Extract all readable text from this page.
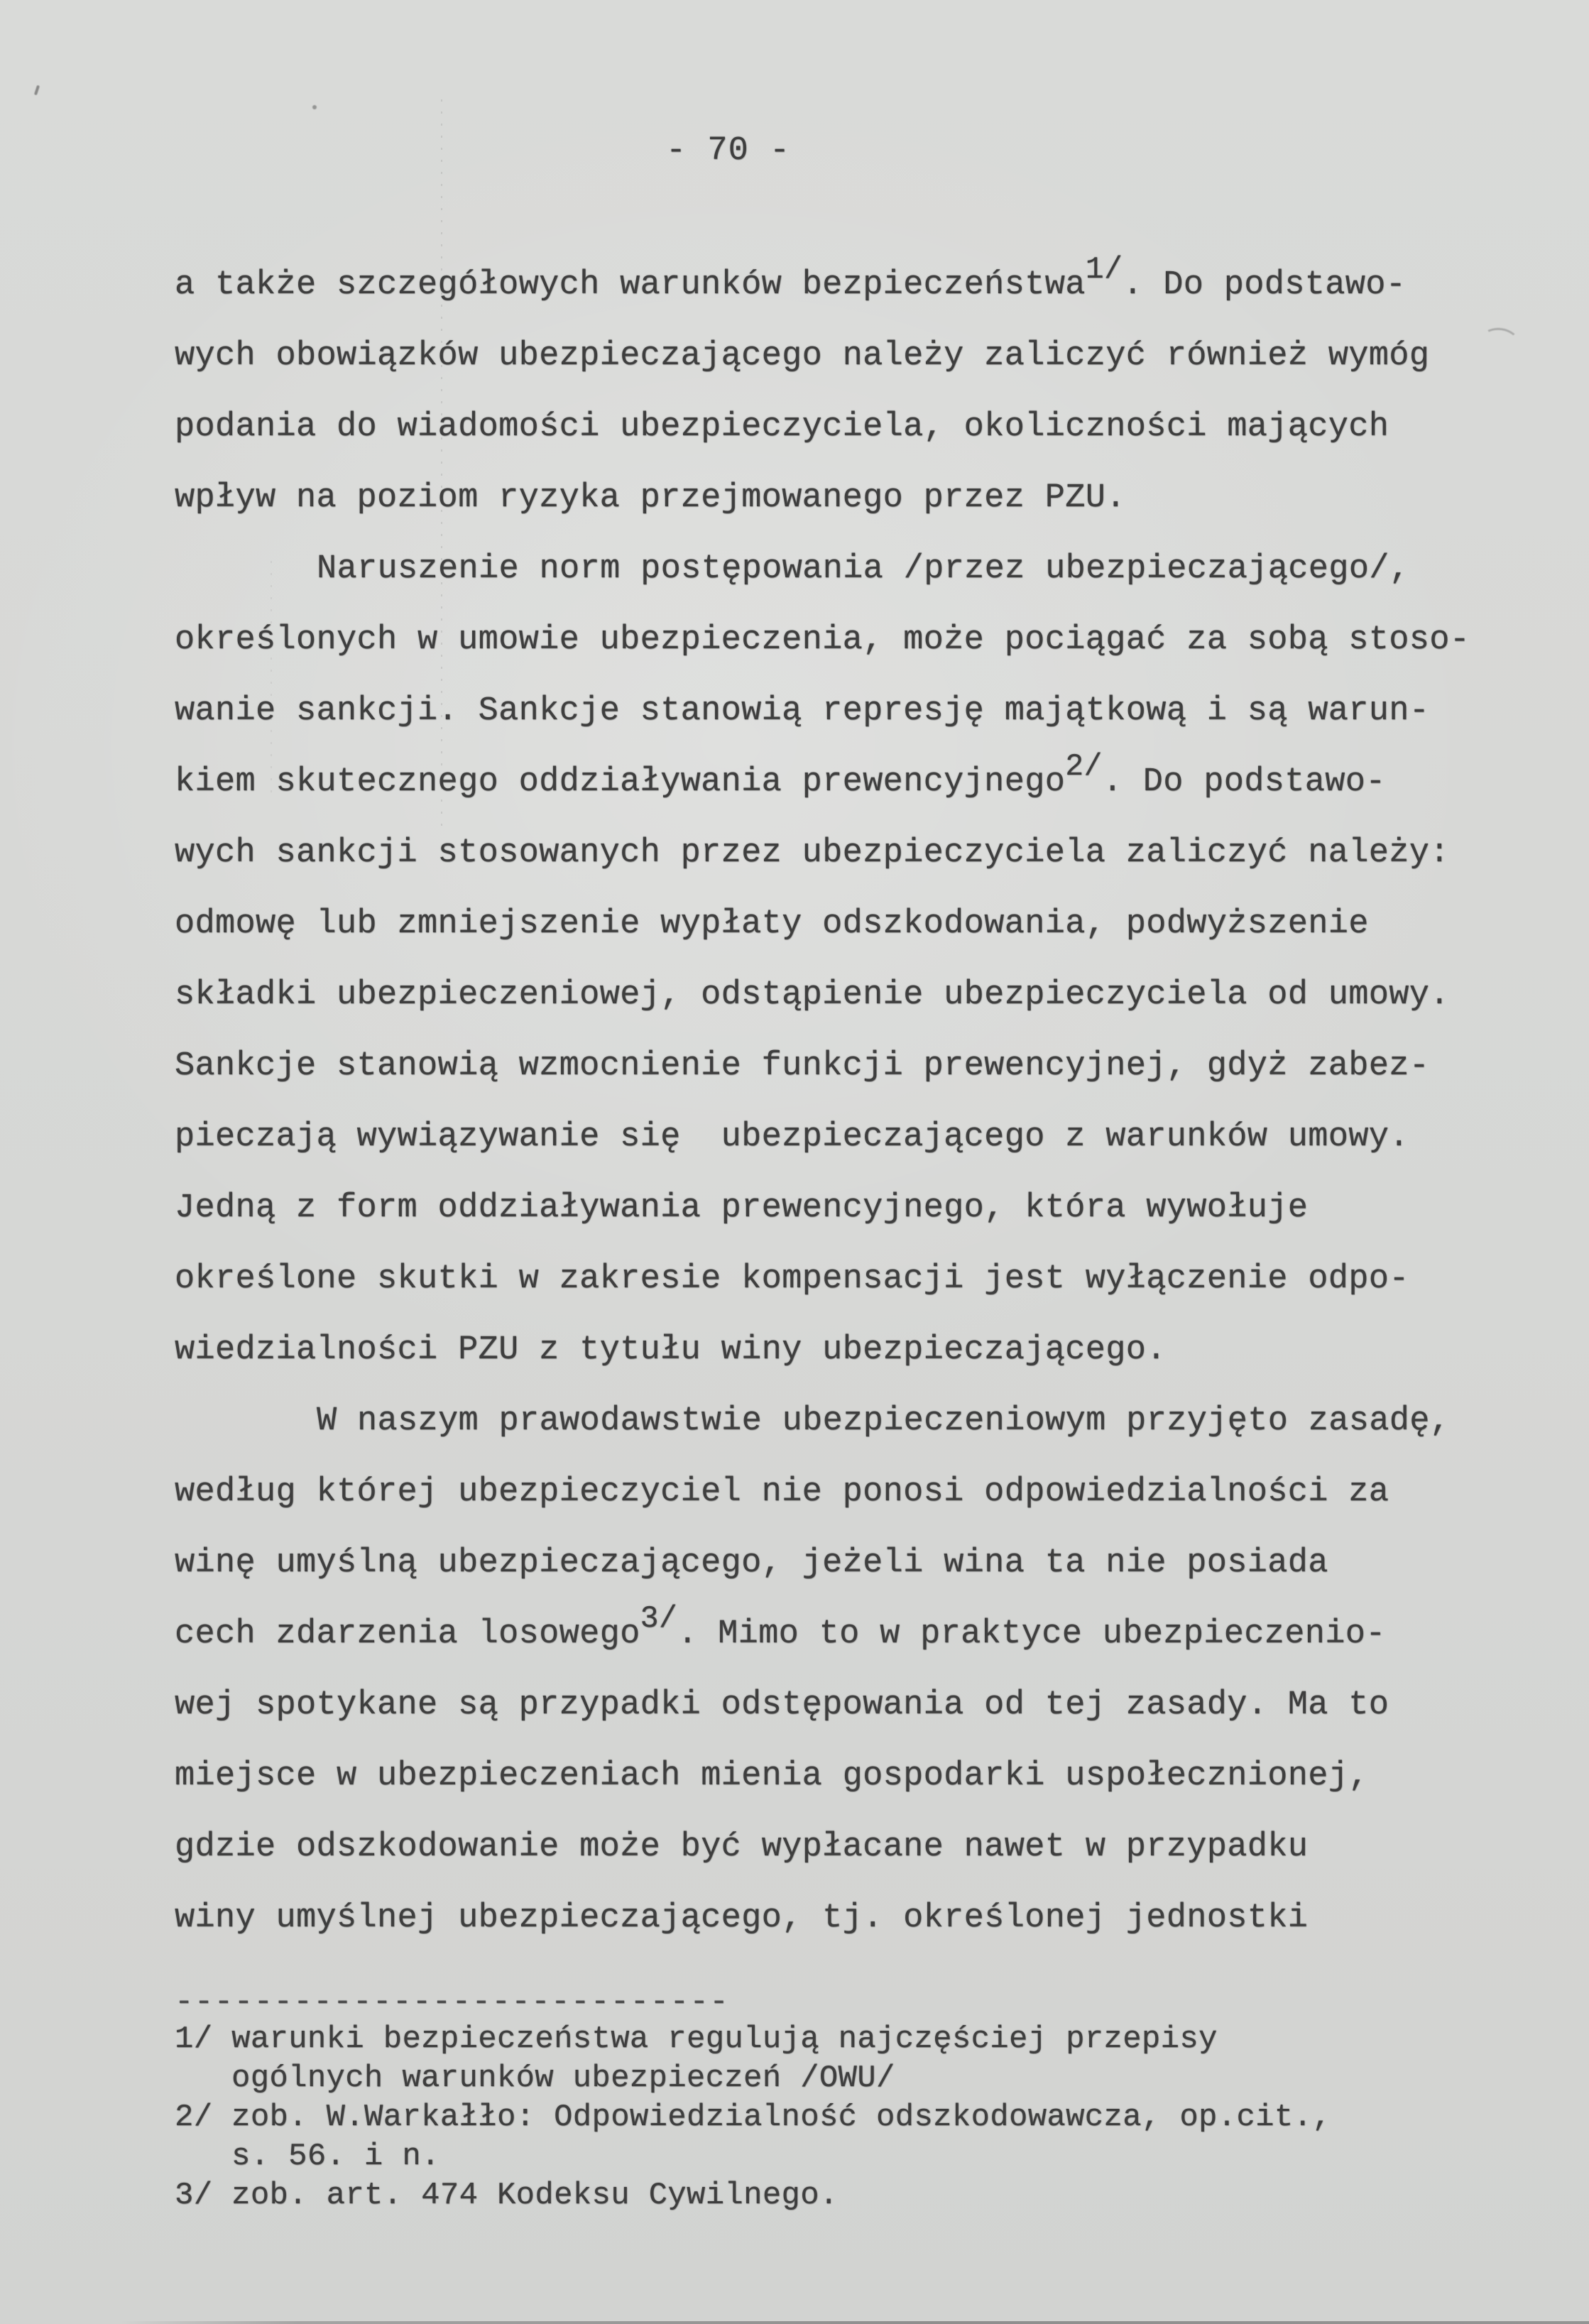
- 70 -
a także szczegółowych warunków bezpieczeństwa1/. Do podstawo-
wych obowiązków ubezpieczającego należy zaliczyć również wymóg
podania do wiadomości ubezpieczyciela, okoliczności mających
wpływ na poziom ryzyka przejmowanego przez PZU.
Naruszenie norm postępowania /przez ubezpieczającego/,
określonych w umowie ubezpieczenia, może pociągać za sobą stoso-
wanie sankcji. Sankcje stanowią represję majątkową i są warun-
kiem skutecznego oddziaływania prewencyjnego2/. Do podstawo-
wych sankcji stosowanych przez ubezpieczyciela zaliczyć należy:
odmowę lub zmniejszenie wypłaty odszkodowania, podwyższenie
składki ubezpieczeniowej, odstąpienie ubezpieczyciela od umowy.
Sankcje stanowią wzmocnienie funkcji prewencyjnej, gdyż zabez-
pieczają wywiązywanie się  ubezpieczającego z warunków umowy.
Jedną z form oddziaływania prewencyjnego, która wywołuje
określone skutki w zakresie kompensacji jest wyłączenie odpo-
wiedzialności PZU z tytułu winy ubezpieczającego.
W naszym prawodawstwie ubezpieczeniowym przyjęto zasadę,
według której ubezpieczyciel nie ponosi odpowiedzialności za
winę umyślną ubezpieczającego, jeżeli wina ta nie posiada
cech zdarzenia losowego3/. Mimo to w praktyce ubezpieczenio-
wej spotykane są przypadki odstępowania od tej zasady. Ma to
miejsce w ubezpieczeniach mienia gospodarki uspołecznionej,
gdzie odszkodowanie może być wypłacane nawet w przypadku
winy umyślnej ubezpieczającego, tj. określonej jednostki
----------------------------
1/ warunki bezpieczeństwa regulują najczęściej przepisy
ogólnych warunków ubezpieczeń /OWU/
2/ zob. W.Warkałło: Odpowiedzialność odszkodowawcza, op.cit.,
s. 56. i n.
3/ zob. art. 474 Kodeksu Cywilnego.
